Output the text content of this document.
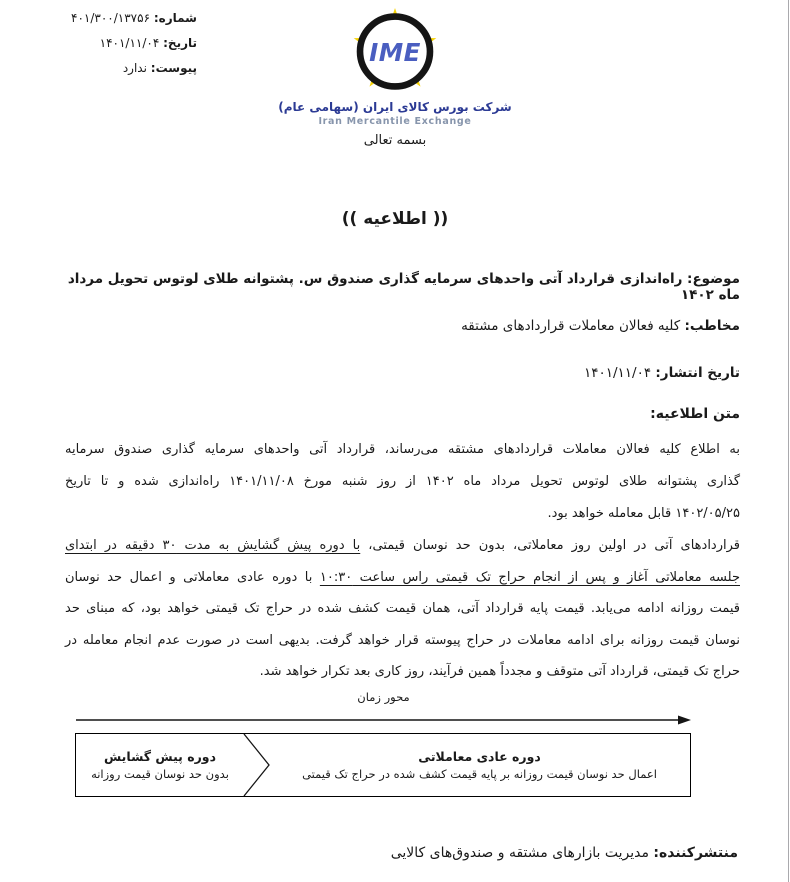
شماره: ۴۰۱/۳۰۰/۱۳۷۵۶
تاریخ: ۱۴۰۱/۱۱/۰۴
پیوست: ندارد
IME
شرکت بورس کالای ایران (سهامی عام)
Iran Mercantile Exchange
بسمه تعالی
(( اطلاعیه ))
موضوع: راه‌اندازی قرارداد آتی واحدهای سرمایه گذاری صندوق س. پشتوانه طلای لوتوس تحویل مرداد ماه ۱۴۰۲
مخاطب: کلیه فعالان معاملات قراردادهای مشتقه
تاریخ انتشار: ۱۴۰۱/۱۱/۰۴
متن اطلاعیه:
به اطلاع کلیه فعالان معاملات قراردادهای مشتقه می‌رساند، قرارداد آتی واحدهای سرمایه گذاری صندوق سرمایه
گذاری پشتوانه طلای لوتوس تحویل مرداد ماه ۱۴۰۲ از روز شنبه مورخ ۱۴۰۱/۱۱/۰۸ راه‌اندازی شده و تا تاریخ
۱۴۰۲/۰۵/۲۵ قابل معامله خواهد بود.
قراردادهای آتی در اولین روز معاملاتی، بدون حد نوسان قیمتی، با دوره پیش گشایش به مدت ۳۰ دقیقه در ابتدای
جلسه معاملاتی آغاز و پس از انجام حراج تک قیمتی راس ساعت ۱۰:۳۰ با دوره عادی معاملاتی و اعمال حد نوسان
قیمت روزانه ادامه می‌یابد. قیمت پایه قرارداد آتی، همان قیمت کشف شده در حراج تک قیمتی خواهد بود، که مبنای حد
نوسان قیمت روزانه برای ادامه معاملات در حراج پیوسته قرار خواهد گرفت. بدیهی است در صورت عدم انجام معامله در
حراج تک قیمتی، قرارداد آتی متوقف و مجدداً همین فرآیند، روز کاری بعد تکرار خواهد شد.
محور زمان
دوره پیش گشایش
بدون حد نوسان قیمت روزانه
دوره عادی معاملاتی
اعمال حد نوسان قیمت روزانه بر پایه قیمت کشف شده در حراج تک قیمتی
منتشرکننده: مدیریت بازارهای مشتقه و صندوق‌های کالایی
